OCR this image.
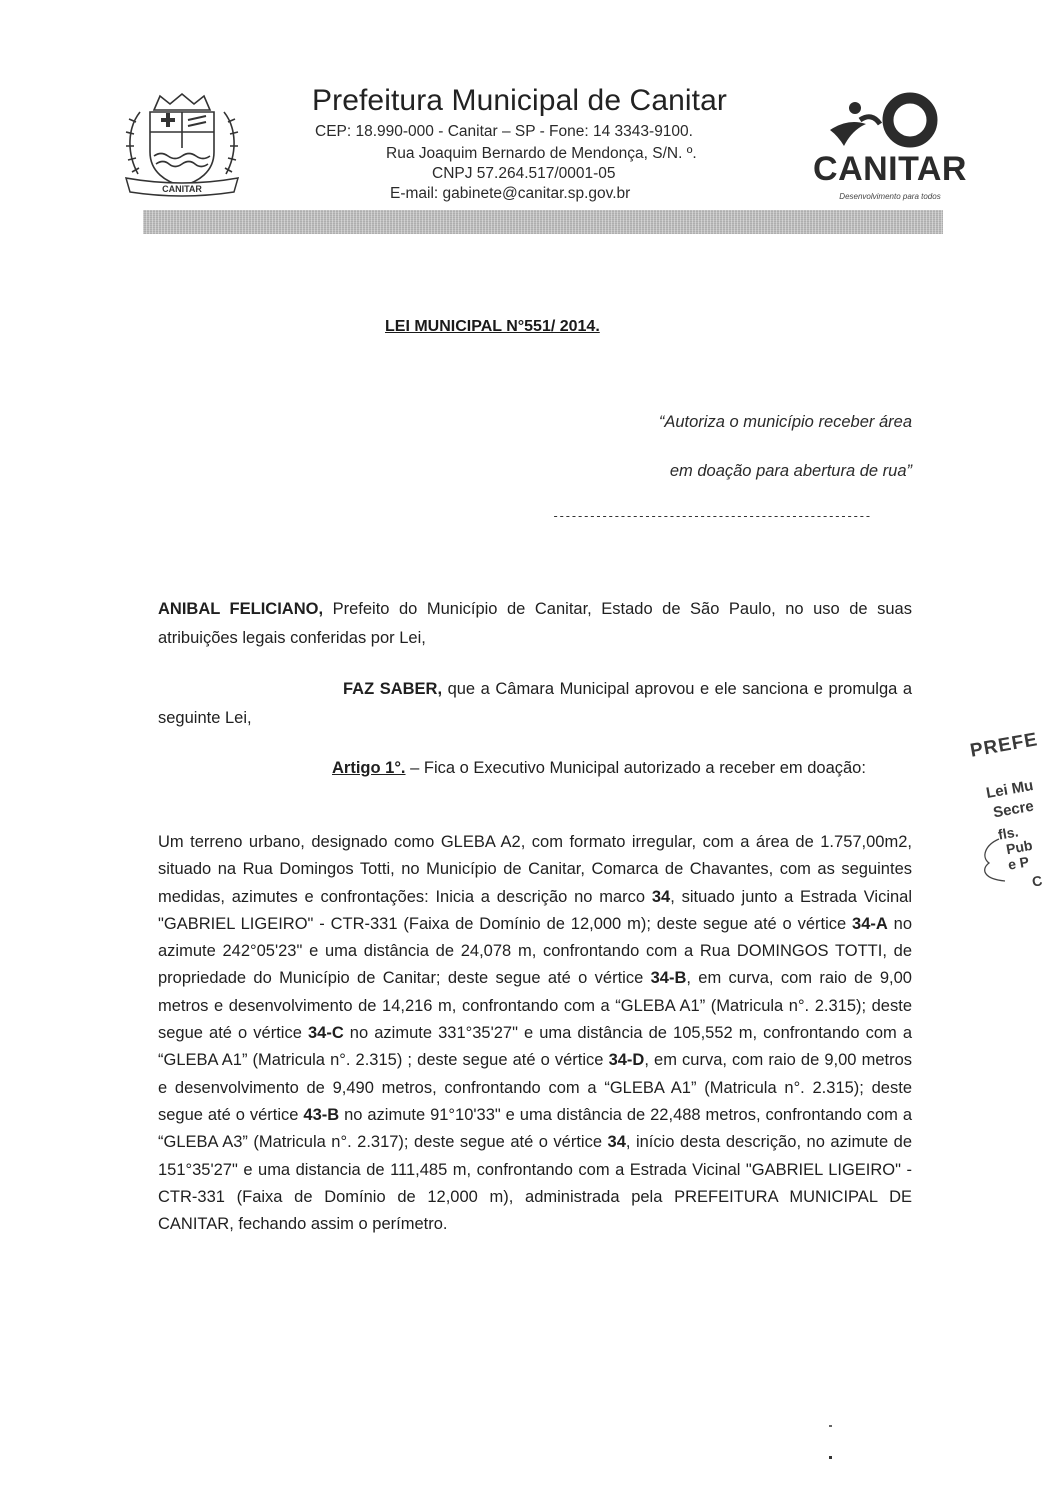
CANITAR
Prefeitura Municipal de Canitar
CEP: 18.990-000 - Canitar – SP - Fone: 14 3343-9100.
Rua Joaquim Bernardo de Mendonça, S/N. º.
CNPJ 57.264.517/0001-05
E-mail: gabinete@canitar.sp.gov.br
CANITAR
Desenvolvimento para todos
LEI MUNICIPAL N°551/ 2014.
“Autoriza o município receber área
em doação para abertura de rua”
----------------------------------------------------
ANIBAL FELICIANO, Prefeito do Município de Canitar, Estado de São Paulo, no uso de suas atribuições legais conferidas por Lei,
FAZ SABER, que a Câmara Municipal aprovou e ele sanciona e promulga a seguinte Lei,
Artigo 1°. – Fica o Executivo Municipal autorizado a receber em doação:
Um terreno urbano, designado como GLEBA A2, com formato irregular, com a área de 1.757,00m2, situado na Rua Domingos Totti, no Município de Canitar, Comarca de Chavantes, com as seguintes medidas, azimutes e confrontações: Inicia a descrição no marco 34, situado junto a Estrada Vicinal "GABRIEL LIGEIRO" - CTR-331 (Faixa de Domínio de 12,000 m); deste segue até o vértice 34-A no azimute 242°05'23" e uma distância de 24,078 m, confrontando com a Rua DOMINGOS TOTTI, de propriedade do Município de Canitar; deste segue até o vértice 34-B, em curva, com raio de 9,00 metros e desenvolvimento de 14,216 m, confrontando com a “GLEBA A1” (Matricula n°. 2.315); deste segue até o vértice 34-C no azimute 331°35'27" e uma distância de 105,552 m, confrontando com a “GLEBA A1” (Matricula n°. 2.315) ; deste segue até o vértice 34-D, em curva, com raio de 9,00 metros e desenvolvimento de 9,490 metros, confrontando com a “GLEBA A1” (Matricula n°. 2.315); deste segue até o vértice 43-B no azimute 91°10'33" e uma distância de 22,488 metros, confrontando com a “GLEBA A3” (Matricula n°. 2.317); deste segue até o vértice 34, início desta descrição, no azimute de 151°35'27" e uma distancia de 111,485 m, confrontando com a Estrada Vicinal "GABRIEL LIGEIRO" - CTR-331 (Faixa de Domínio de 12,000 m), administrada pela PREFEITURA MUNICIPAL DE CANITAR, fechando assim o perímetro.
PREFE
Lei Mu
Secre
fls.
Pub
e P
C
